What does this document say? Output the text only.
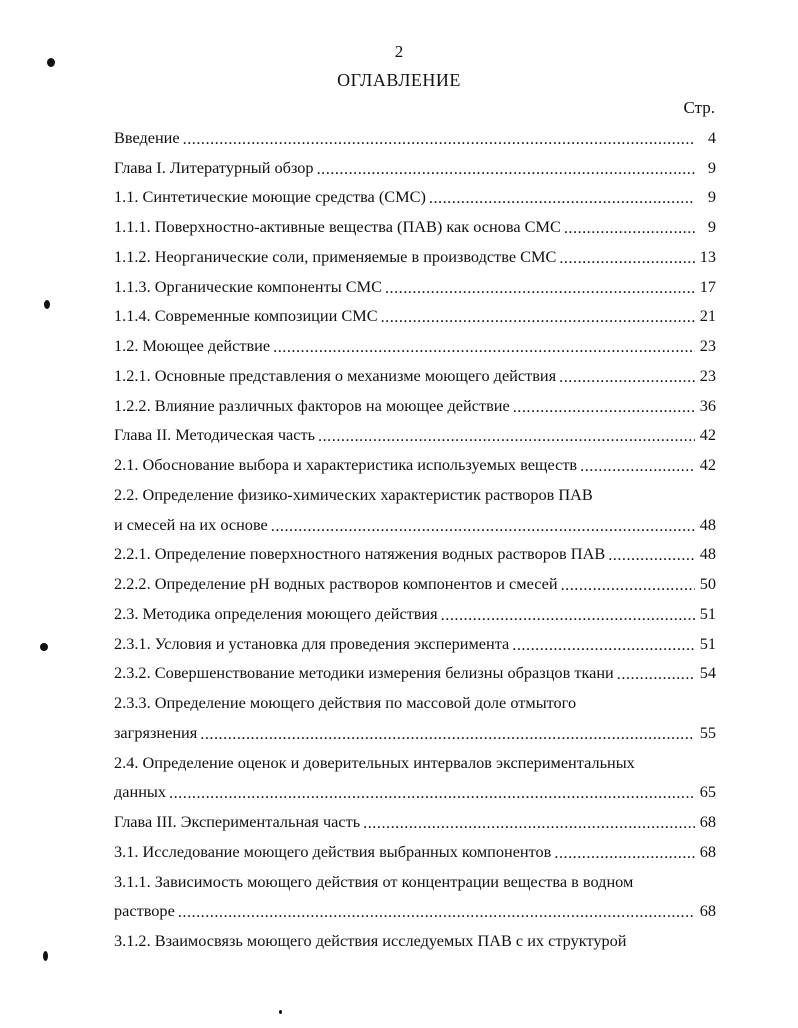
2
ОГЛАВЛЕНИЕ
Стр.
Введение .....	4
Глава I. Литературный обзор .....	9
1.1. Синтетические моющие средства (СМС) .....	9
1.1.1. Поверхностно-активные вещества (ПАВ) как основа СМС .....	9
1.1.2. Неорганические соли, применяемые в производстве СМС .....	13
1.1.3. Органические компоненты СМС .....	17
1.1.4. Современные композиции СМС .....	21
1.2. Моющее действие .....	23
1.2.1. Основные представления о механизме моющего действия .....	23
1.2.2. Влияние различных факторов на моющее действие .....	36
Глава II. Методическая часть .....	42
2.1. Обоснование выбора и характеристика используемых веществ .....	42
2.2. Определение физико-химических характеристик растворов ПАВ
и смесей на их основе .....	48
2.2.1. Определение поверхностного натяжения водных растворов ПАВ .....	48
2.2.2. Определение рН водных растворов компонентов и смесей .....	50
2.3. Методика определения моющего действия .....	51
2.3.1. Условия и установка для проведения эксперимента .....	51
2.3.2. Совершенствование методики измерения белизны образцов ткани .....	54
2.3.3. Определение моющего действия по массовой доле отмытого
загрязнения .....	55
2.4. Определение оценок и доверительных интервалов экспериментальных
данных .....	65
Глава III. Экспериментальная часть .....	68
3.1. Исследование моющего действия выбранных компонентов .....	68
3.1.1. Зависимость моющего действия от концентрации вещества в водном
растворе .....	68
3.1.2. Взаимосвязь моющего действия исследуемых ПАВ с их структурой
